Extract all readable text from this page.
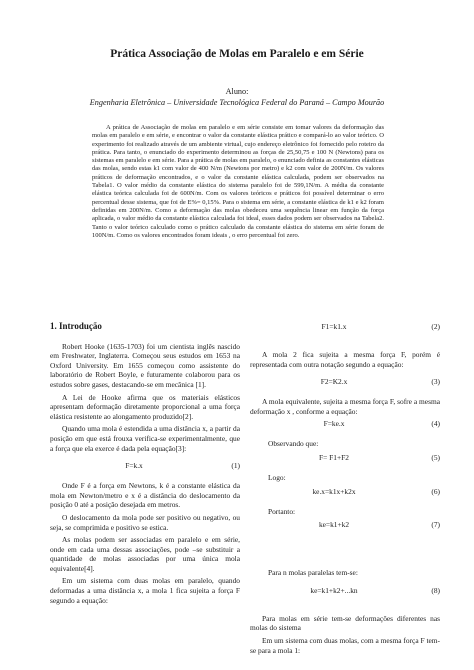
Prática Associação de Molas em Paralelo e em Série
Aluno:
Engenharia Eletrônica – Universidade Tecnológica Federal do Paraná – Campo Mourão
A prática de Associação de molas em paralelo e em série consiste em tomar valores da deformação das molas em paralelo e em série, e encontrar o valor da constante elástica prático e compará-lo ao valor teórico. O experimento foi realizado através de um ambiente virtual, cujo endereço eletrônico foi fornecido pelo roteiro da prática. Para tanto, o enunciado do experimento determinou as forças de 25,50,75 e 100 N (Newtons) para os sistemas em paralelo e em série. Para a prática de molas em paralelo, o enunciado definia as constantes elásticas das molas, sendo estas k1 com valor de 400 N/m (Newtons por metro) e k2 com valor de 200N/m. Os valores práticos de deformação encontrados, e o valor da constante elástica calculada, podem ser observados na Tabela1. O valor médio da constante elástica do sistema paralelo foi de 599,1N/m. A média da constante elástica teórica calculada foi de 600N/m. Com os valores teóricos e práticos foi possível determinar o erro percentual desse sistema, que foi de E%= 0,15%. Para o sistema em série, a constante elástica de k1 e k2 foram definidas em 200N/m. Como a deformação das molas obedeceu uma sequência linear em função da força aplicada, o valor médio da constante elástica calculada foi ideal, esses dados podem ser observados na Tabela2. Tanto o valor teórico calculado como o prático calculado da constante elástica do sistema em série foram de 100N/m. Como os valores encontrados foram ideais , o erro percentual foi zero.
1. Introdução

Robert Hooke (1635-1703) foi um cientista inglês nascido em Freshwater, Inglaterra. Começou seus estudos em 1653 na Oxford University. Em 1655 começou como assistente do laboratório de Robert Boyle, e futuramente colaborou para os estudos sobre gases, destacando-se em mecânica [1].

A Lei de Hooke afirma que os materiais elásticos apresentam deformação diretamente proporcional a uma força elástica resistente ao alongamento produzido[2].

Quando uma mola é estendida a uma distância x, a partir da posição em que está frouxa verifica-se experimentalmente, que a força que ela exerce é dada pela equação[3]:

F=k.x	(1)

Onde F é a força em Newtons, k é a constante elástica da mola em Newton/metro e x é a distância do deslocamento da posição 0 até a posição desejada em metros.

O deslocamento da mola pode ser positivo ou negativo, ou seja, se comprimida e positivo se estica.

As molas podem ser associadas em paralelo e em série, onde em cada uma dessas associações, pode –se substituir a quantidade de molas associadas por uma única mola equivalente[4].

Em um sistema com duas molas em paralelo, quando deformadas a uma distância x, a mola 1 fica sujeita a força F segundo a equação:

F1=k1.x	(2)

A mola 2 fica sujeita a mesma força F, porém é representada com outra notação segundo a equação:

F2=K2.x	(3)

A mola equivalente, sujeita a mesma força F, sofre a mesma deformação x , conforme a equação:

F=ke.x	(4)
Observando que:
F= F1+F2	(5)
Logo:
ke.x=k1x+k2x	(6)
Portanto:
ke=k1+k2	(7)
Para n molas paralelas tem-se:
ke=k1+k2+...kn	(8)

Para molas em série tem-se deformações diferentes nas molas do sistema

Em um sistema com duas molas, com a mesma força F tem-se para a mola 1:
